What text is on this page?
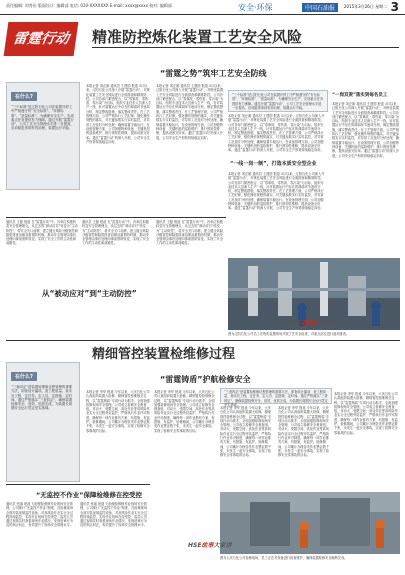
责任编辑: 刘秀田 版面设计: 编辑部 电话: 010-XXXXXXX E-mail: xxxx@xxxx 校对: 编辑部	安全·环保	中国石油报	2015年3月26日 星期二 3
雷霆行动	精准防控炼化装置工艺安全风险
在什么?
“三个标准”是辽阳石化公司在装置开停工中严格遵守的“安全标准”、“环保标准”、“质量标准”，为确保安全生产、完成重点任务提供有力保障。通过开展“雷霆行动”，公司工艺安全管理水平进一步提高，各项隐患得到有效治理，装置运行平稳。
“雷霆之势”筑牢工艺安全防线
本报记者 刘正雄 通讯员 王建国 报道 3月以来，辽阳石化公司深入开展“雷霆行动”，对炼化装置工艺安全风险进行全面排查和精准防控。公司各部门紧密配合，以“零事故、零伤害、零污染”为目标，组织专业技术人员深入生产一线，针对装置运行中存在的薄弱环节逐项分析，制定整改措施，落实整改责任。在工艺管理方面，公司严格执行工艺纪律，强化操作规程的落实，对关键参数实行实时监控，对异常工况及时分析处理，确保装置平稳运行。在设备管理方面，公司加强特种设备、关键机组的巡检维护，推行预知性维修，提高设备完好率。通过“雷霆行动”的深入开展，公司安全生产形势持续稳定向好。
本报记者 刘正雄 通讯员 王建国 报道 3月以来，辽阳石化公司深入开展“雷霆行动”，对炼化装置工艺安全风险进行全面排查和精准防控。公司各部门紧密配合，以“零事故、零伤害、零污染”为目标，组织专业技术人员深入生产一线，针对装置运行中存在的薄弱环节逐项分析，制定整改措施，落实整改责任。在工艺管理方面，公司严格执行工艺纪律，强化操作规程的落实，对关键参数实行实时监控，对异常工况及时分析处理，确保装置平稳运行。在设备管理方面，公司加强特种设备、关键机组的巡检维护，推行预知性维修，提高设备完好率。通过“雷霆行动”的深入开展，公司安全生产形势持续稳定向好。
“三个标准”是辽阳石化公司在装置开停工中严格遵守的“安全标准”、“环保标准”、“质量标准”，为确保安全生产、完成重点任务提供有力保障。通过开展“雷霆行动”，公司工艺安全管理水平进一步提高，各项隐患得到有效治理，装置运行平稳。
本报记者 刘正雄 通讯员 王建国 报道 3月以来，辽阳石化公司深入开展“雷霆行动”，对炼化装置工艺安全风险进行全面排查和精准防控。公司各部门紧密配合，以“零事故、零伤害、零污染”为目标，组织专业技术人员深入生产一线，针对装置运行中存在的薄弱环节逐项分析，制定整改措施，落实整改责任。在工艺管理方面，公司严格执行工艺纪律，强化操作规程的落实，对关键参数实行实时监控，对异常工况及时分析处理，确保装置平稳运行。在设备管理方面，公司加强特种设备、关键机组的巡检维护，推行预知性维修，提高设备完好率。通过“雷霆行动”的深入开展，公司安全生产形势持续稳定向好。
“一线一岗一制”，打造本质安全型企业
本报记者 刘正雄 通讯员 王建国 报道 3月以来，辽阳石化公司深入开展“雷霆行动”，对炼化装置工艺安全风险进行全面排查和精准防控。公司各部门紧密配合，以“零事故、零伤害、零污染”为目标，组织专业技术人员深入生产一线，针对装置运行中存在的薄弱环节逐项分析，制定整改措施，落实整改责任。在工艺管理方面，公司严格执行工艺纪律，强化操作规程的落实，对关键参数实行实时监控，对异常工况及时分析处理，确保装置平稳运行。在设备管理方面，公司加强特种设备、关键机组的巡检维护，推行预知性维修，提高设备完好率。通过“雷霆行动”的深入开展，公司安全生产形势持续稳定向好。
“一岗双责”落实到每名员工
本报记者 刘正雄 通讯员 王建国 报道 3月以来，辽阳石化公司深入开展“雷霆行动”，对炼化装置工艺安全风险进行全面排查和精准防控。公司各部门紧密配合，以“零事故、零伤害、零污染”为目标，组织专业技术人员深入生产一线，针对装置运行中存在的薄弱环节逐项分析，制定整改措施，落实整改责任。在工艺管理方面，公司严格执行工艺纪律，强化操作规程的落实，对关键参数实行实时监控，对异常工况及时分析处理，确保装置平稳运行。在设备管理方面，公司加强特种设备、关键机组的巡检维护，推行预知性维修，提高设备完好率。通过“雷霆行动”的深入开展，公司安全生产形势持续稳定向好。
通讯员 王磊 报道 在“雷霆行动”中，各单位积极转变安全管理理念，从过去的“被动应对”转变为“主动防控”，将安全关口前移，建立健全风险分级管控和隐患排查治理双重预防机制，推动安全管理由事后处理向事前预防转变，实现了安全工作的主动性和前瞻性。
通讯员 王磊 报道 在“雷霆行动”中，各单位积极转变安全管理理念，从过去的“被动应对”转变为“主动防控”，将安全关口前移，建立健全风险分级管控和隐患排查治理双重预防机制，推动安全管理由事后处理向事前预防转变，实现了安全工作的主动性和前瞻性。
通讯员 王磊 报道 在“雷霆行动”中，各单位积极转变安全管理理念，从过去的“被动应对”转变为“主动防控”，将安全关口前移，建立健全风险分级管控和隐患排查治理双重预防机制，推动安全管理由事后处理向事前预防转变，实现了安全工作的主动性和前瞻性。
从“被动应对”到“主动防控”
图为辽阳石化公司员工在炼化装置现场开展工艺安全检查，对重点部位进行逐项排查。
HSE故事大家讲
精细管控装置检维修过程
在什么?
“三查四定”是装置检维修过程管理的重要方法，即查设计漏项、查工程质量、查未完工程，定任务、定人员、定措施、定时间。通过严格落实“三查四定”，确保装置检修安全、高效、优质完成，为装置长周期安全运行奠定坚实基础。
“雷霆铸盾”护航检修安全
本报记者 李华 报道 今年以来，大庆石化公司认真组织装置大检修，精细管控检维修全过程，以“雷霆铸盾”专项行动为抓手，全面加强检修现场安全管理。公司成立检修安全督查组，对动火、受限空间、高处作业等高风险作业实行全过程旁站监护，严格执行作业许可制度，确保每一项作业都有方案、有措施、有监护。检修期间，公司累计办理各类作业票证数千张，未发生一起安全事故，实现了检修安全零事故的目标。
本报记者 李华 报道 今年以来，大庆石化公司认真组织装置大检修，精细管控检维修全过程，以“雷霆铸盾”专项行动为抓手，全面加强检修现场安全管理。公司成立检修安全督查组，对动火、受限空间、高处作业等高风险作业实行全过程旁站监护，严格执行作业许可制度，确保每一项作业都有方案、有措施、有监护。检修期间，公司累计办理各类作业票证数千张，未发生一起安全事故，实现了检修安全零事故的目标。
“三查四定”是装置检维修过程管理的重要方法，即查设计漏项、查工程质量、查未完工程，定任务、定人员、定措施、定时间。通过严格落实“三查四定”，确保装置检修安全、高效、优质完成，为装置长周期安全运行奠定坚实基础。
本报记者 李华 报道 今年以来，大庆石化公司认真组织装置大检修，精细管控检维修全过程，以“雷霆铸盾”专项行动为抓手，全面加强检修现场安全管理。公司成立检修安全督查组，对动火、受限空间、高处作业等高风险作业实行全过程旁站监护，严格执行作业许可制度，确保每一项作业都有方案、有措施、有监护。检修期间，公司累计办理各类作业票证数千张，未发生一起安全事故，实现了检修安全零事故的目标。
本报记者 李华 报道 今年以来，大庆石化公司认真组织装置大检修，精细管控检维修全过程，以“雷霆铸盾”专项行动为抓手，全面加强检修现场安全管理。公司成立检修安全督查组，对动火、受限空间、高处作业等高风险作业实行全过程旁站监护，严格执行作业许可制度，确保每一项作业都有方案、有措施、有监护。检修期间，公司累计办理各类作业票证数千张，未发生一起安全事故，实现了检修安全零事故的目标。
本报记者 李华 报道 今年以来，大庆石化公司认真组织装置大检修，精细管控检维修全过程，以“雷霆铸盾”专项行动为抓手，全面加强检修现场安全管理。公司成立检修安全督查组，对动火、受限空间、高处作业等高风险作业实行全过程旁站监护，严格执行作业许可制度，确保每一项作业都有方案、有措施、有监护。检修期间，公司累计办理各类作业票证数千张，未发生一起安全事故，实现了检修安全零事故的目标。
“无监控不作业”保障检维修在控受控
通讯员 张丽 报道 为加强检维修作业现场安全管理，公司推行“无监控不作业”制度，在检修现场全面安装视频监控设备，对高风险作业实行全过程视频监控，实现作业现场在控受控。监控人员通过视频实时查看现场作业情况，发现违章行为及时制止纠正，有效提升了现场安全管理水平。
通讯员 张丽 报道 为加强检维修作业现场安全管理，公司推行“无监控不作业”制度，在检修现场全面安装视频监控设备，对高风险作业实行全过程视频监控，实现作业现场在控受控。监控人员通过视频实时查看现场作业情况，发现违章行为及时制止纠正，有效提升了现场安全管理水平。
图为大庆石化公司检修现场，员工正在对设备进行检查维护，确保装置检修安全顺利完成。
HSE故事大家讲
